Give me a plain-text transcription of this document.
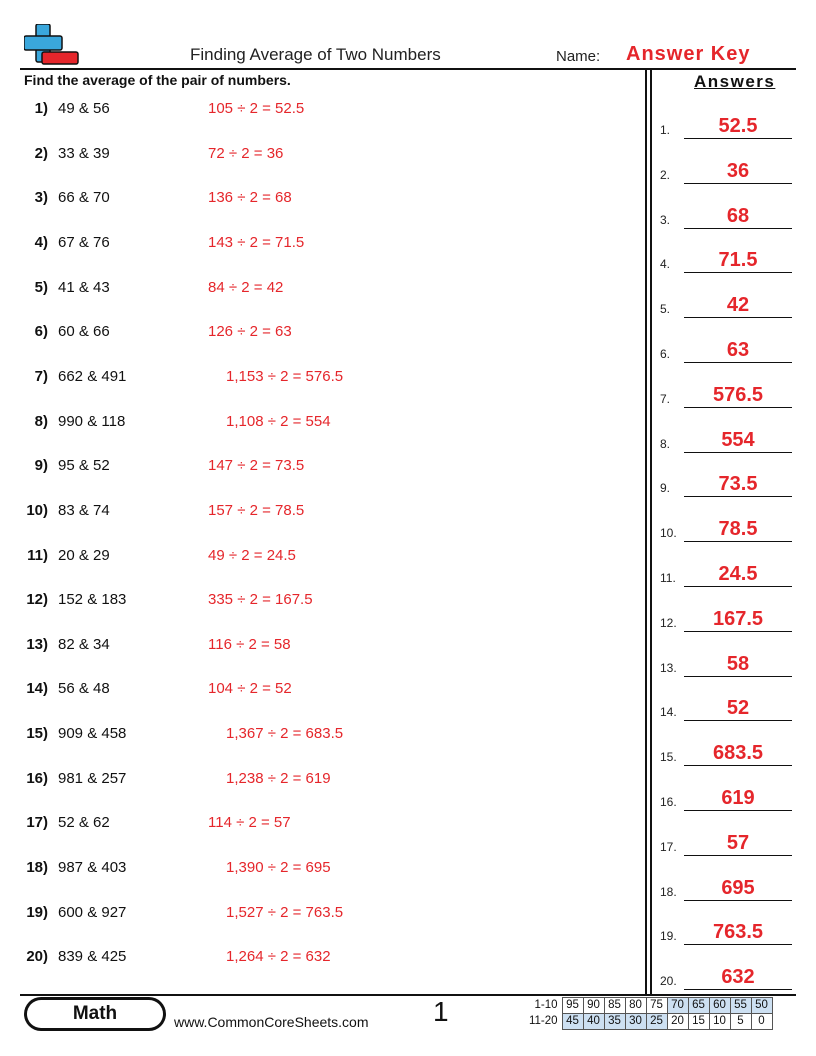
Finding Average of Two Numbers	Name: Answer Key
Find the average of the pair of numbers.
1) 49 & 56	105 ÷ 2 = 52.5
2) 33 & 39	72 ÷ 2 = 36
3) 66 & 70	136 ÷ 2 = 68
4) 67 & 76	143 ÷ 2 = 71.5
5) 41 & 43	84 ÷ 2 = 42
6) 60 & 66	126 ÷ 2 = 63
7) 662 & 491	1,153 ÷ 2 = 576.5
8) 990 & 118	1,108 ÷ 2 = 554
9) 95 & 52	147 ÷ 2 = 73.5
10) 83 & 74	157 ÷ 2 = 78.5
11) 20 & 29	49 ÷ 2 = 24.5
12) 152 & 183	335 ÷ 2 = 167.5
13) 82 & 34	116 ÷ 2 = 58
14) 56 & 48	104 ÷ 2 = 52
15) 909 & 458	1,367 ÷ 2 = 683.5
16) 981 & 257	1,238 ÷ 2 = 619
17) 52 & 62	114 ÷ 2 = 57
18) 987 & 403	1,390 ÷ 2 = 695
19) 600 & 927	1,527 ÷ 2 = 763.5
20) 839 & 425	1,264 ÷ 2 = 632
Answers
1.	52.5
2.	36
3.	68
4.	71.5
5.	42
6.	63
7.	576.5
8.	554
9.	73.5
10.	78.5
11.	24.5
12.	167.5
13.	58
14.	52
15.	683.5
16.	619
17.	57
18.	695
19.	763.5
20.	632
Math	www.CommonCoreSheets.com 1	1-10	95	90	85	80	75	70	65	60	55	50
11-20	45	40	35	30	25	20	15	10	5	0
